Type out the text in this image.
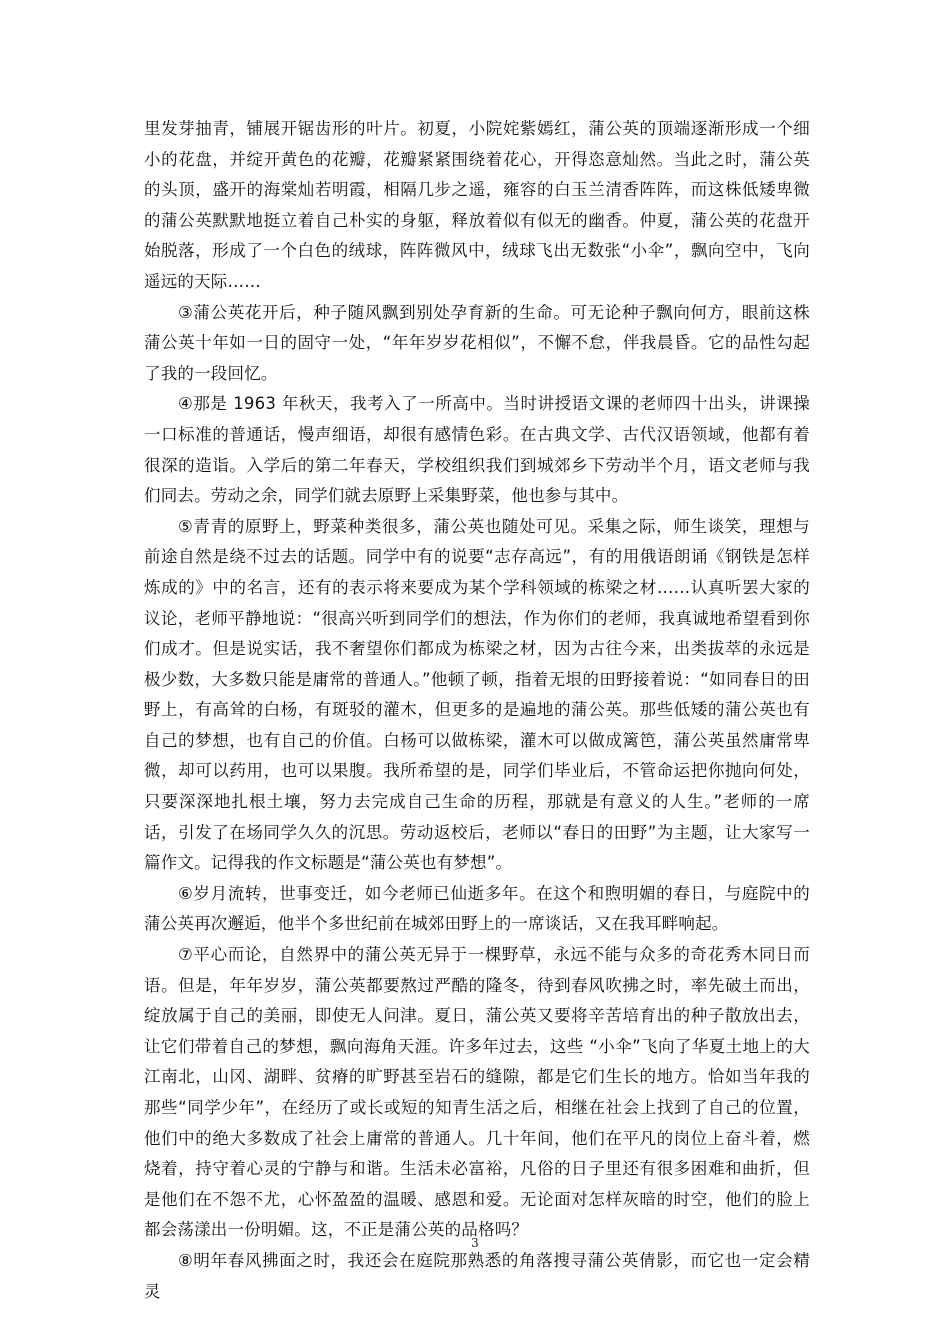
里发芽抽青，铺展开锯齿形的叶片。初夏，小院姹紫嫣红，蒲公英的顶端逐渐形成一个细小的花盘，并绽开黄色的花瓣，花瓣紧紧围绕着花心，开得恣意灿然。当此之时，蒲公英的头顶，盛开的海棠灿若明霞，相隔几步之遥，雍容的白玉兰清香阵阵，而这株低矮卑微的蒲公英默默地挺立着自己朴实的身躯，释放着似有似无的幽香。仲夏，蒲公英的花盘开始脱落，形成了一个白色的绒球，阵阵微风中，绒球飞出无数张“小伞”，飘向空中，飞向遥远的天际……

③蒲公英花开后，种子随风飘到别处孕育新的生命。可无论种子飘向何方，眼前这株蒲公英十年如一日的固守一处，“年年岁岁花相似”，不懈不怠，伴我晨昏。它的品性勾起了我的一段回忆。

④那是 1963 年秋天，我考入了一所高中。当时讲授语文课的老师四十出头，讲课操一口标准的普通话，慢声细语，却很有感情色彩。在古典文学、古代汉语领域，他都有着很深的造诣。入学后的第二年春天，学校组织我们到城郊乡下劳动半个月，语文老师与我们同去。劳动之余，同学们就去原野上采集野菜，他也参与其中。

⑤青青的原野上，野菜种类很多，蒲公英也随处可见。采集之际，师生谈笑，理想与前途自然是绕不过去的话题。同学中有的说要“志存高远”，有的用俄语朗诵《钢铁是怎样炼成的》中的名言，还有的表示将来要成为某个学科领域的栋梁之材……认真听罢大家的议论，老师平静地说：“很高兴听到同学们的想法，作为你们的老师，我真诚地希望看到你们成才。但是说实话，我不奢望你们都成为栋梁之材，因为古往今来，出类拔萃的永远是极少数，大多数只能是庸常的普通人。”他顿了顿，指着无垠的田野接着说：“如同春日的田野上，有高耸的白杨，有斑驳的灌木，但更多的是遍地的蒲公英。那些低矮的蒲公英也有自己的梦想，也有自己的价值。白杨可以做栋梁，灌木可以做成篱笆，蒲公英虽然庸常卑微，却可以药用，也可以果腹。我所希望的是，同学们毕业后，不管命运把你抛向何处，只要深深地扎根土壤，努力去完成自己生命的历程，那就是有意义的人生。”老师的一席话，引发了在场同学久久的沉思。劳动返校后，老师以“春日的田野”为主题，让大家写一篇作文。记得我的作文标题是“蒲公英也有梦想”。

⑥岁月流转，世事变迁，如今老师已仙逝多年。在这个和煦明媚的春日，与庭院中的蒲公英再次邂逅，他半个多世纪前在城郊田野上的一席谈话，又在我耳畔响起。

⑦平心而论，自然界中的蒲公英无异于一棵野草，永远不能与众多的奇花秀木同日而语。但是，年年岁岁，蒲公英都要熬过严酷的隆冬，待到春风吹拂之时，率先破土而出，绽放属于自己的美丽，即使无人问津。夏日，蒲公英又要将辛苦培育出的种子散放出去，让它们带着自己的梦想，飘向海角天涯。许多年过去，这些 “小伞”飞向了华夏土地上的大江南北，山冈、湖畔、贫瘠的旷野甚至岩石的缝隙，都是它们生长的地方。恰如当年我的那些“同学少年”，在经历了或长或短的知青生活之后，相继在社会上找到了自己的位置，他们中的绝大多数成了社会上庸常的普通人。几十年间，他们在平凡的岗位上奋斗着，燃烧着，持守着心灵的宁静与和谐。生活未必富裕，凡俗的日子里还有很多困难和曲折，但是他们在不怨不尤，心怀盈盈的温暖、感恩和爱。无论面对怎样灰暗的时空，他们的脸上都会荡漾出一份明媚。这，不正是蒲公英的品格吗？

⑧明年春风拂面之时，我还会在庭院那熟悉的角落搜寻蒲公英倩影，而它也一定会精灵

3
